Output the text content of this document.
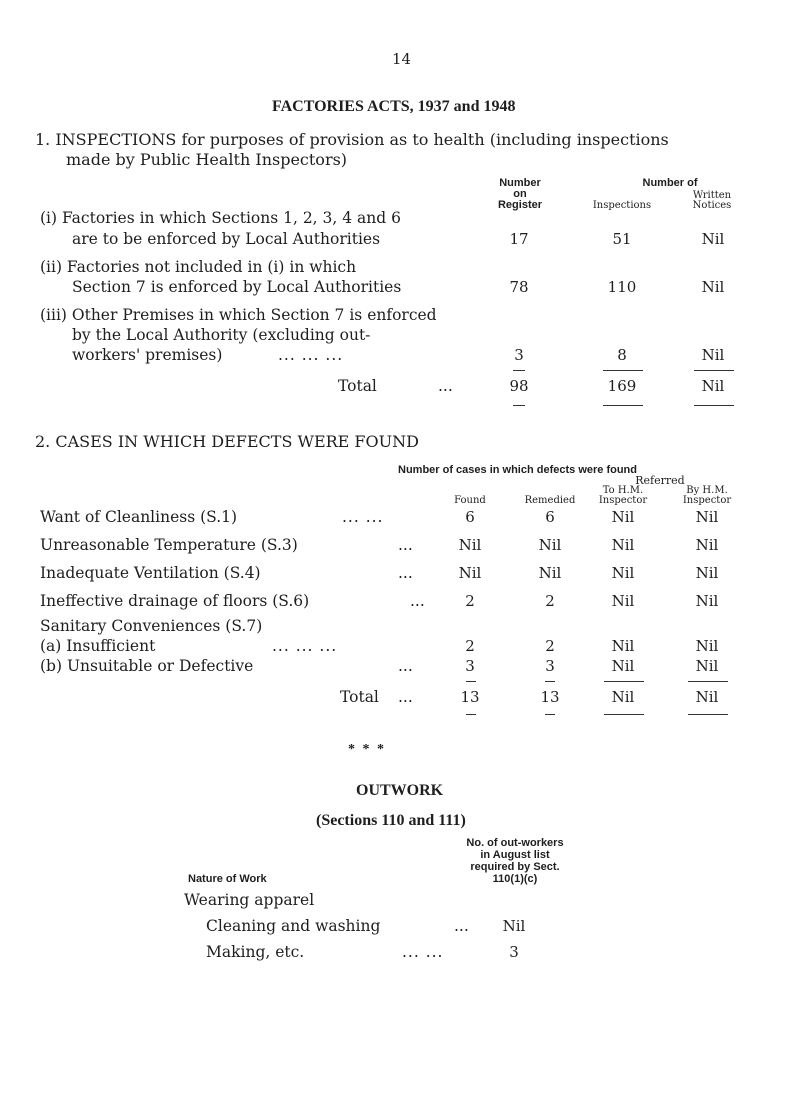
14
FACTORIES ACTS, 1937 and 1948
1. INSPECTIONS for purposes of provision as to health (including inspections
made by Public Health Inspectors)
Number
on
Register
Number of
Inspections
Written
Notices
(i) Factories in which Sections 1, 2, 3, 4 and 6
are to be enforced by Local Authorities	17	51	Nil
(ii) Factories not included in (i) in which
Section 7 is enforced by Local Authorities	78	110	Nil
(iii) Other Premises in which Section 7 is enforced
by the Local Authority (excluding out-
workers' premises)	... ... ...	3	8	Nil
Total	...	98	169	Nil
2. CASES IN WHICH DEFECTS WERE FOUND
Number of cases in which defects were found
Referred
Found	Remedied
To H.M.
Inspector
By H.M.
Inspector
Want of Cleanliness (S.1)	... ...	6	6	Nil	Nil
Unreasonable Temperature (S.3)	...	Nil	Nil	Nil	Nil
Inadequate Ventilation (S.4)	...	Nil	Nil	Nil	Nil
Ineffective drainage of floors (S.6)	...	2	2	Nil	Nil
Sanitary Conveniences (S.7)
(a) Insufficient	... ... ...	2	2	Nil	Nil
(b) Unsuitable or Defective	...	3	3	Nil	Nil
Total ...	13	13	Nil	Nil
* * *
OUTWORK
(Sections 110 and 111)
No. of out-workers
in August list
required by Sect.
110(1)(c)
Nature of Work
Wearing apparel
Cleaning and washing	...	Nil
Making, etc.	... ...	3
